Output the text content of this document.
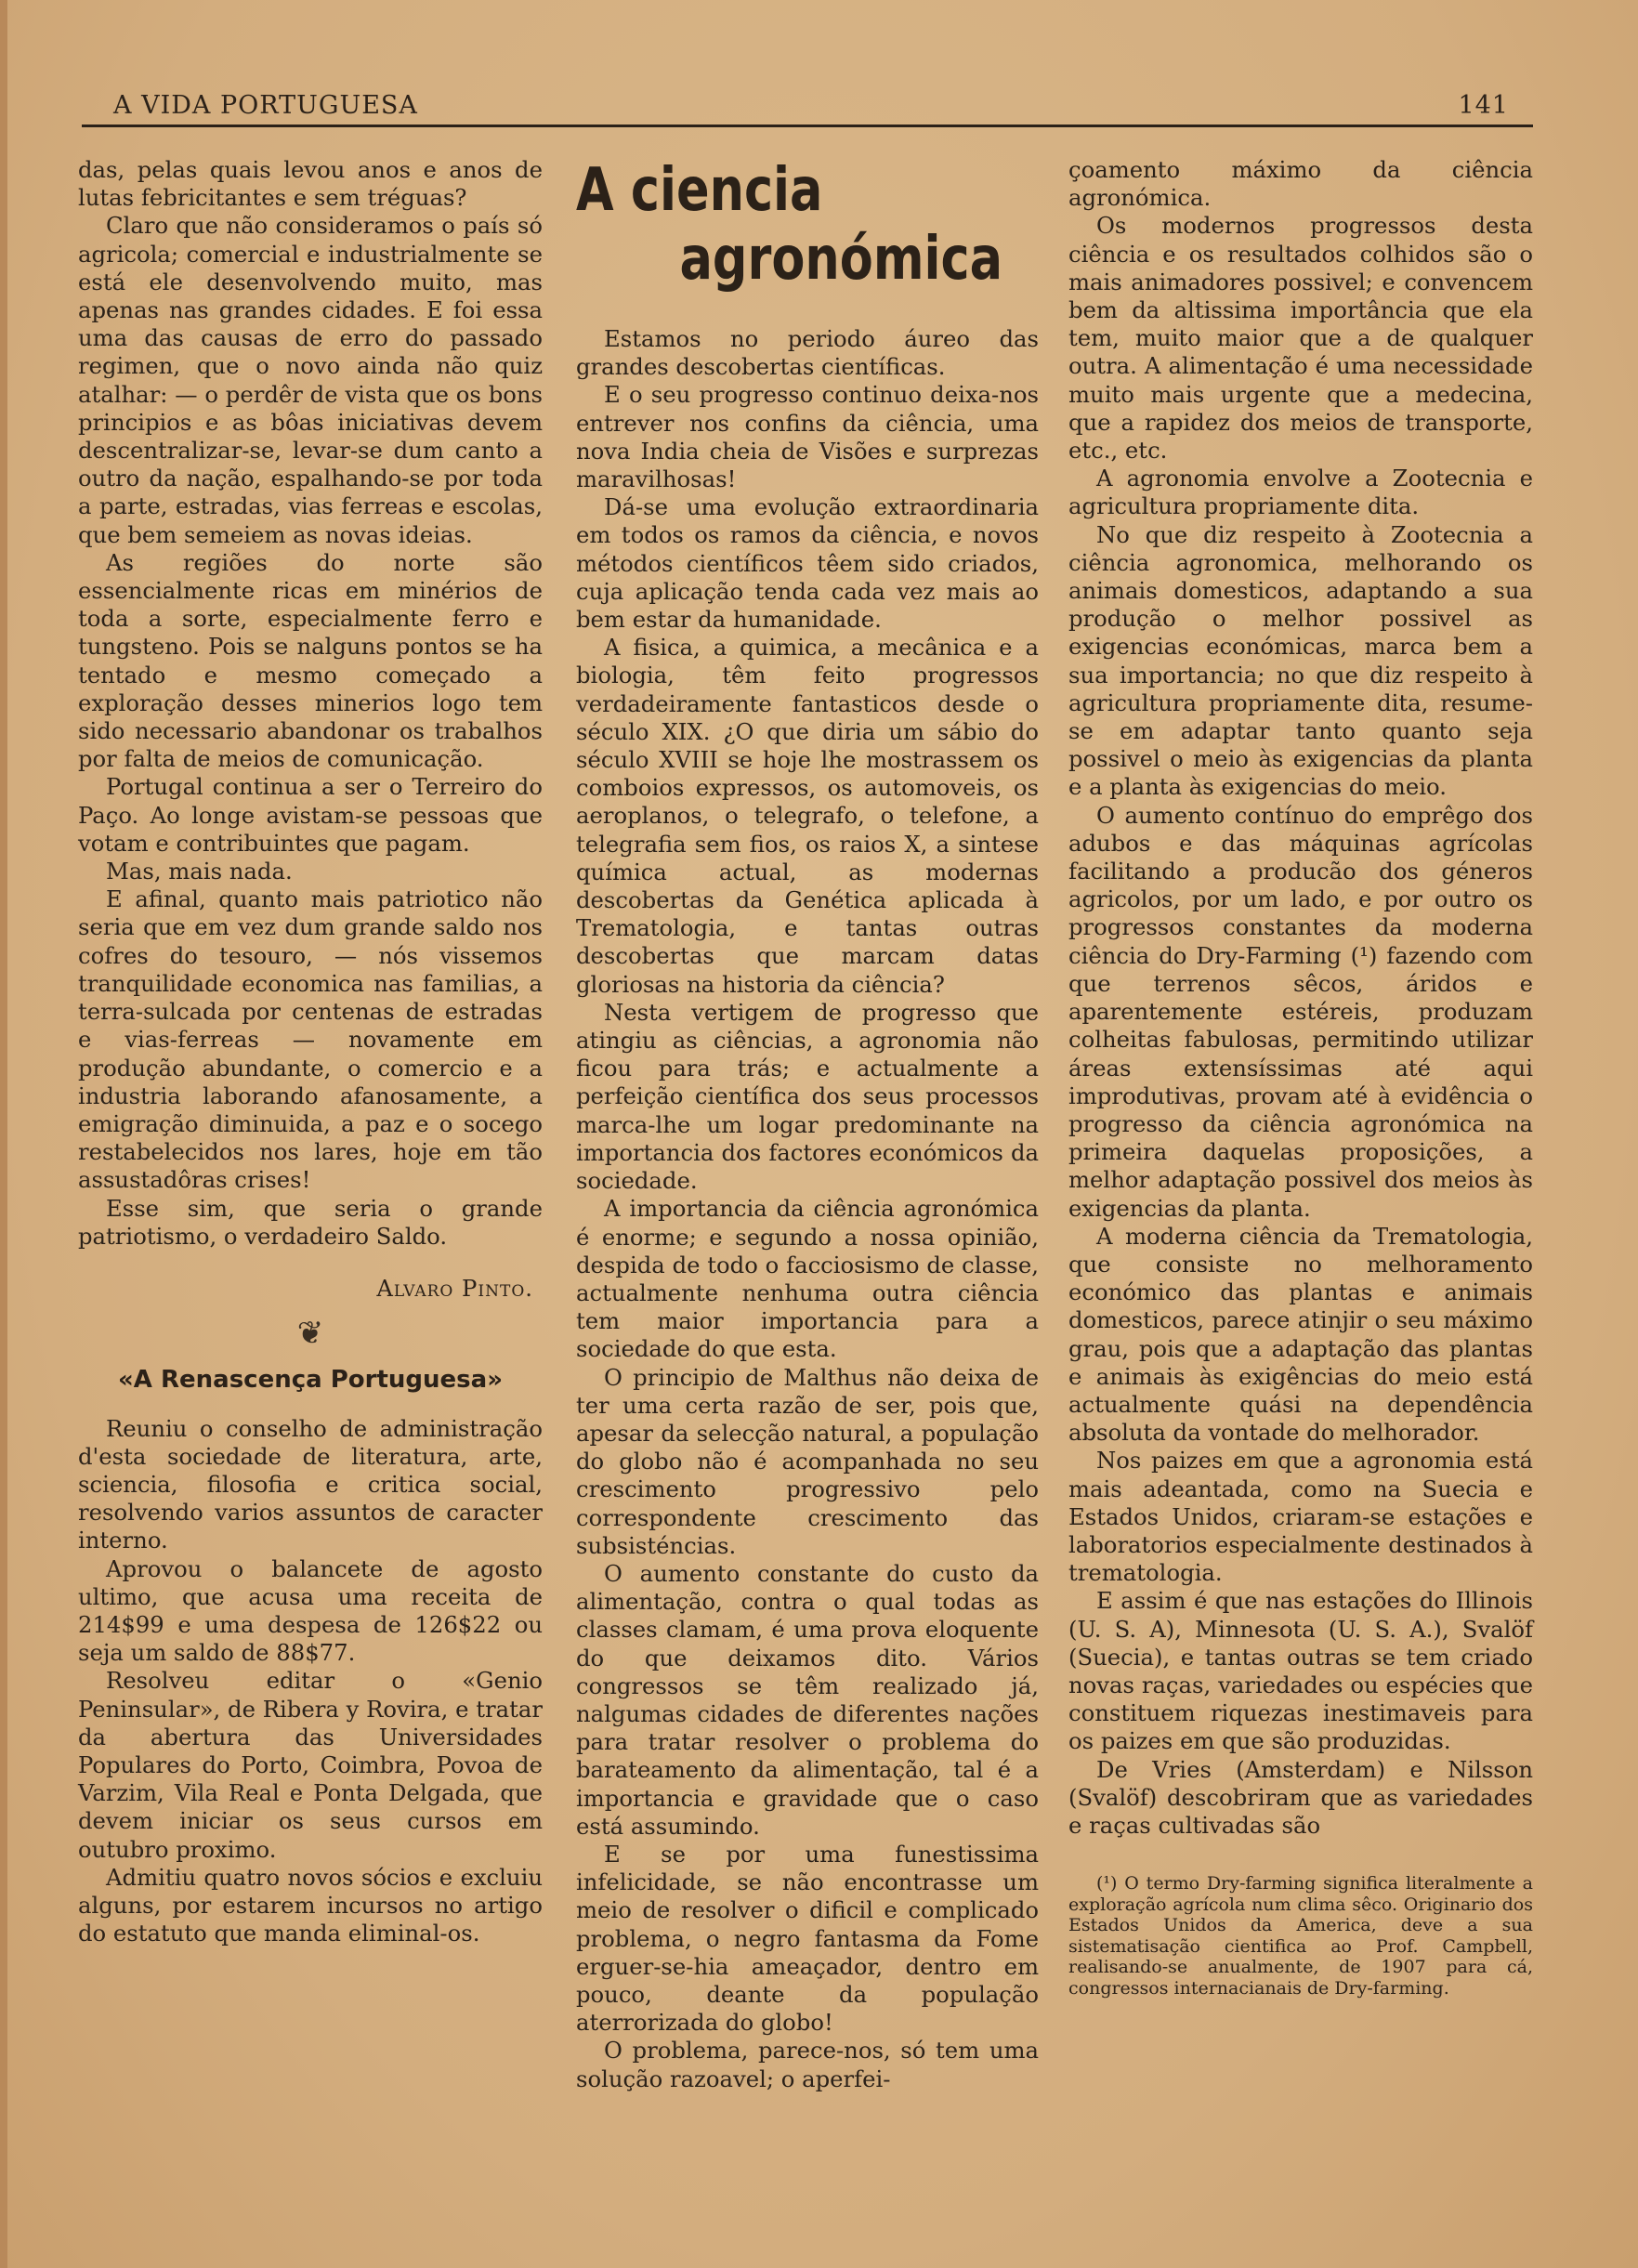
A VIDA PORTUGUESA	141

das, pelas quais levou anos e anos de lutas febricitantes e sem tréguas?

Claro que não consideramos o país só agricola; comercial e industrialmente se está ele desenvolvendo muito, mas apenas nas grandes cidades. E foi essa uma das causas de erro do passado regimen, que o novo ainda não quiz atalhar: — o perdêr de vista que os bons principios e as bôas iniciativas devem descentralizar-se, levar-se dum canto a outro da nação, espalhando-se por toda a parte, estradas, vias ferreas e escolas, que bem semeiem as novas ideias.

As regiões do norte são essencialmente ricas em minérios de toda a sorte, especialmente ferro e tungsteno. Pois se nalguns pontos se ha tentado e mesmo começado a exploração desses minerios logo tem sido necessario abandonar os trabalhos por falta de meios de comunicação.

Portugal continua a ser o Terreiro do Paço. Ao longe avistam-se pessoas que votam e contribuintes que pagam.

Mas, mais nada.

E afinal, quanto mais patriotico não seria que em vez dum grande saldo nos cofres do tesouro, — nós vissemos tranquilidade economica nas familias, a terra-sulcada por centenas de estradas e vias-ferreas — novamente em produção abundante, o comercio e a industria laborando afanosamente, a emigração diminuida, a paz e o socego restabelecidos nos lares, hoje em tão assustadôras crises!

Esse sim, que seria o grande patriotismo, o verdadeiro Saldo.

Alvaro Pinto.
❦
«A Renascença Portuguesa»

Reuniu o conselho de administração d'esta sociedade de literatura, arte, sciencia, filosofia e critica social, resolvendo varios assuntos de caracter interno.

Aprovou o balancete de agosto ultimo, que acusa uma receita de 214$99 e uma despesa de 126$22 ou seja um saldo de 88$77.

Resolveu editar o «Genio Peninsular», de Ribera y Rovira, e tratar da abertura das Universidades Populares do Porto, Coimbra, Povoa de Varzim, Vila Real e Ponta Delgada, que devem iniciar os seus cursos em outubro proximo.

Admitiu quatro novos sócios e excluiu alguns, por estarem incursos no artigo do estatuto que manda eliminal-os.

A ciencia
agronómica

Estamos no periodo áureo das grandes descobertas científicas.

E o seu progresso continuo deixa-nos entrever nos confins da ciência, uma nova India cheia de Visões e surprezas maravilhosas!

Dá-se uma evolução extraordinaria em todos os ramos da ciência, e novos métodos científicos têem sido criados, cuja aplicação tenda cada vez mais ao bem estar da humanidade.

A fisica, a quimica, a mecânica e a biologia, têm feito progressos verdadeiramente fantasticos desde o século XIX. ¿O que diria um sábio do século XVIII se hoje lhe mostrassem os comboios expressos, os automoveis, os aeroplanos, o telegrafo, o telefone, a telegrafia sem fios, os raios X, a sintese química actual, as modernas descobertas da Genética aplicada à Trematologia, e tantas outras descobertas que marcam datas gloriosas na historia da ciência?

Nesta vertigem de progresso que atingiu as ciências, a agronomia não ficou para trás; e actualmente a perfeição científica dos seus processos marca-lhe um logar predominante na importancia dos factores económicos da sociedade.

A importancia da ciência agronómica é enorme; e segundo a nossa opinião, despida de todo o facciosismo de classe, actualmente nenhuma outra ciência tem maior importancia para a sociedade do que esta.

O principio de Malthus não deixa de ter uma certa razão de ser, pois que, apesar da selecção natural, a população do globo não é acompanhada no seu crescimento progressivo pelo correspondente crescimento das subsisténcias.

O aumento constante do custo da alimentação, contra o qual todas as classes clamam, é uma prova eloquente do que deixamos dito. Vários congressos se têm realizado já, nalgumas cidades de diferentes nações para tratar resolver o problema do barateamento da alimentação, tal é a importancia e gravidade que o caso está assumindo.

E se por uma funestissima infelicidade, se não encontrasse um meio de resolver o dificil e complicado problema, o negro fantasma da Fome erguer-se-hia ameaçador, dentro em pouco, deante da população aterrorizada do globo!

O problema, parece-nos, só tem uma solução razoavel; o aperfei-

çoamento máximo da ciência agronómica.

Os modernos progressos desta ciência e os resultados colhidos são o mais animadores possivel; e convencem bem da altissima importância que ela tem, muito maior que a de qualquer outra. A alimentação é uma necessidade muito mais urgente que a medecina, que a rapidez dos meios de transporte, etc., etc.

A agronomia envolve a Zootecnia e agricultura propriamente dita.

No que diz respeito à Zootecnia a ciência agronomica, melhorando os animais domesticos, adaptando a sua produção o melhor possivel as exigencias económicas, marca bem a sua importancia; no que diz respeito à agricultura propriamente dita, resume-se em adaptar tanto quanto seja possivel o meio às exigencias da planta e a planta às exigencias do meio.

O aumento contínuo do emprêgo dos adubos e das máquinas agrícolas facilitando a producão dos géneros agricolos, por um lado, e por outro os progressos constantes da moderna ciência do Dry-Farming (¹) fazendo com que terrenos sêcos, áridos e aparentemente estéreis, produzam colheitas fabulosas, permitindo utilizar áreas extensíssimas até aqui improdutivas, provam até à evidência o progresso da ciência agronómica na primeira daquelas proposições, a melhor adaptação possivel dos meios às exigencias da planta.

A moderna ciência da Trematologia, que consiste no melhoramento económico das plantas e animais domesticos, parece atinjir o seu máximo grau, pois que a adaptação das plantas e animais às exigências do meio está actualmente quási na dependência absoluta da vontade do melhorador.

Nos paizes em que a agronomia está mais adeantada, como na Suecia e Estados Unidos, criaram-se estações e laboratorios especialmente destinados à trematologia.

E assim é que nas estações do Illinois (U. S. A), Minnesota (U. S. A.), Svalöf (Suecia), e tantas outras se tem criado novas raças, variedades ou espécies que constituem riquezas inestimaveis para os paizes em que são produzidas.

De Vries (Amsterdam) e Nilsson (Svalöf) descobriram que as variedades e raças cultivadas são

(¹) O termo Dry-farming significa literalmente a exploração agrícola num clima sêco. Originario dos Estados Unidos da America, deve a sua sistematisação cientifica ao Prof. Campbell, realisando-se anualmente, de 1907 para cá, congressos internacianais de Dry-farming.
